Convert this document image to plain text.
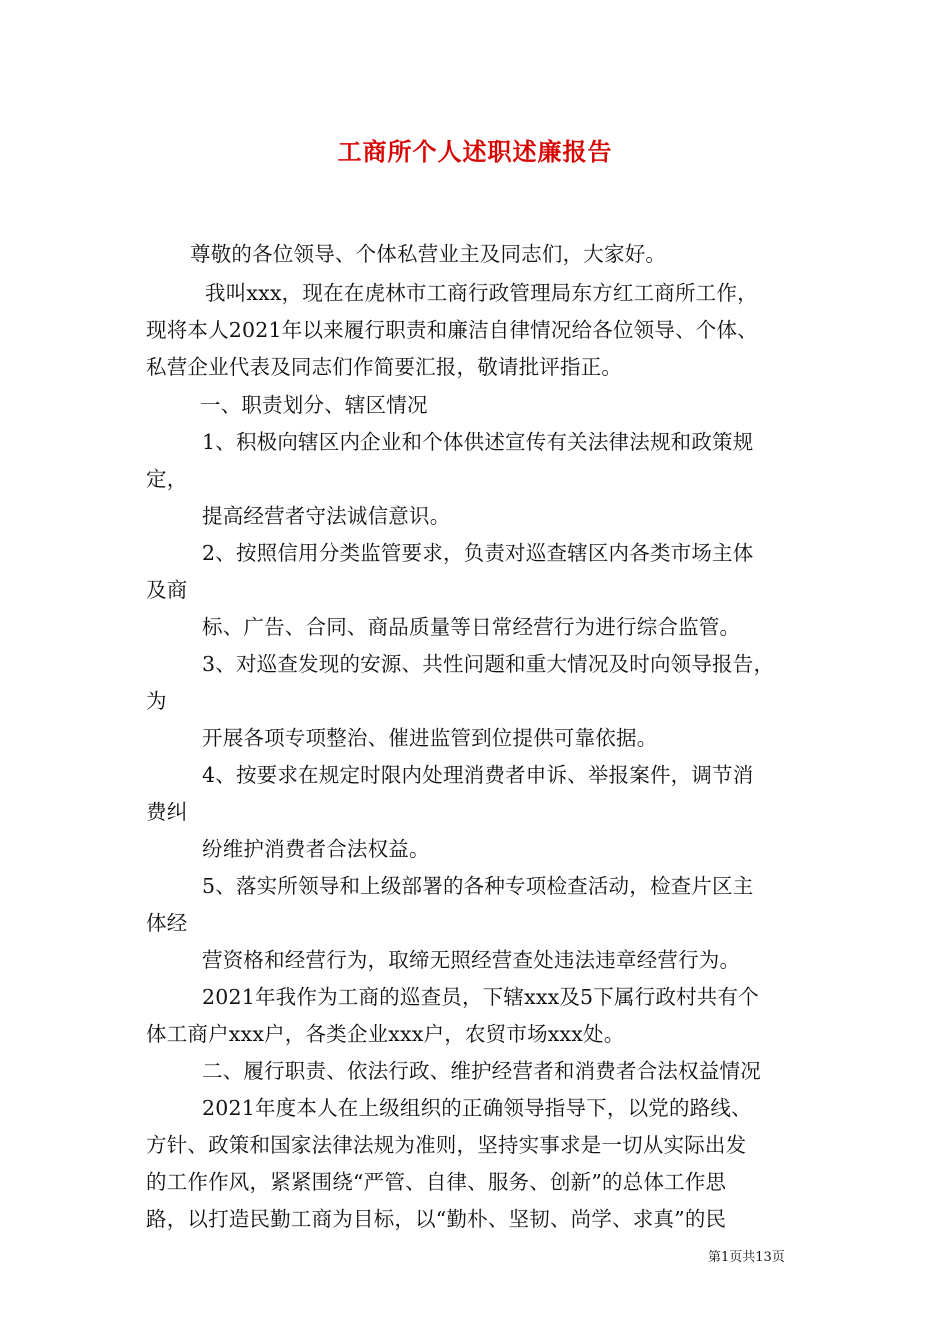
工商所个人述职述廉报告
尊敬的各位领导、个体私营业主及同志们，大家好。
我叫xxx，现在在虎林市工商行政管理局东方红工商所工作，
现将本人2021年以来履行职责和廉洁自律情况给各位领导、个体、
私营企业代表及同志们作简要汇报，敬请批评指正。
一、职责划分、辖区情况
1、积极向辖区内企业和个体供述宣传有关法律法规和政策规
定，
提高经营者守法诚信意识。
2、按照信用分类监管要求，负责对巡查辖区内各类市场主体
及商
标、广告、合同、商品质量等日常经营行为进行综合监管。
3、对巡查发现的安源、共性问题和重大情况及时向领导报告，
为
开展各项专项整治、催进监管到位提供可靠依据。
4、按要求在规定时限内处理消费者申诉、举报案件，调节消
费纠
纷维护消费者合法权益。
5、落实所领导和上级部署的各种专项检查活动，检查片区主
体经
营资格和经营行为，取缔无照经营查处违法违章经营行为。
2021年我作为工商的巡查员，下辖xxx及5下属行政村共有个
体工商户xxx户，各类企业xxx户，农贸市场xxx处。
二、履行职责、依法行政、维护经营者和消费者合法权益情况
2021年度本人在上级组织的正确领导指导下，以党的路线、
方针、政策和国家法律法规为准则，坚持实事求是一切从实际出发
的工作作风，紧紧围绕“严管、自律、服务、创新”的总体工作思
路，以打造民勤工商为目标，以“勤朴、坚韧、尚学、求真”的民
第1页共13页
